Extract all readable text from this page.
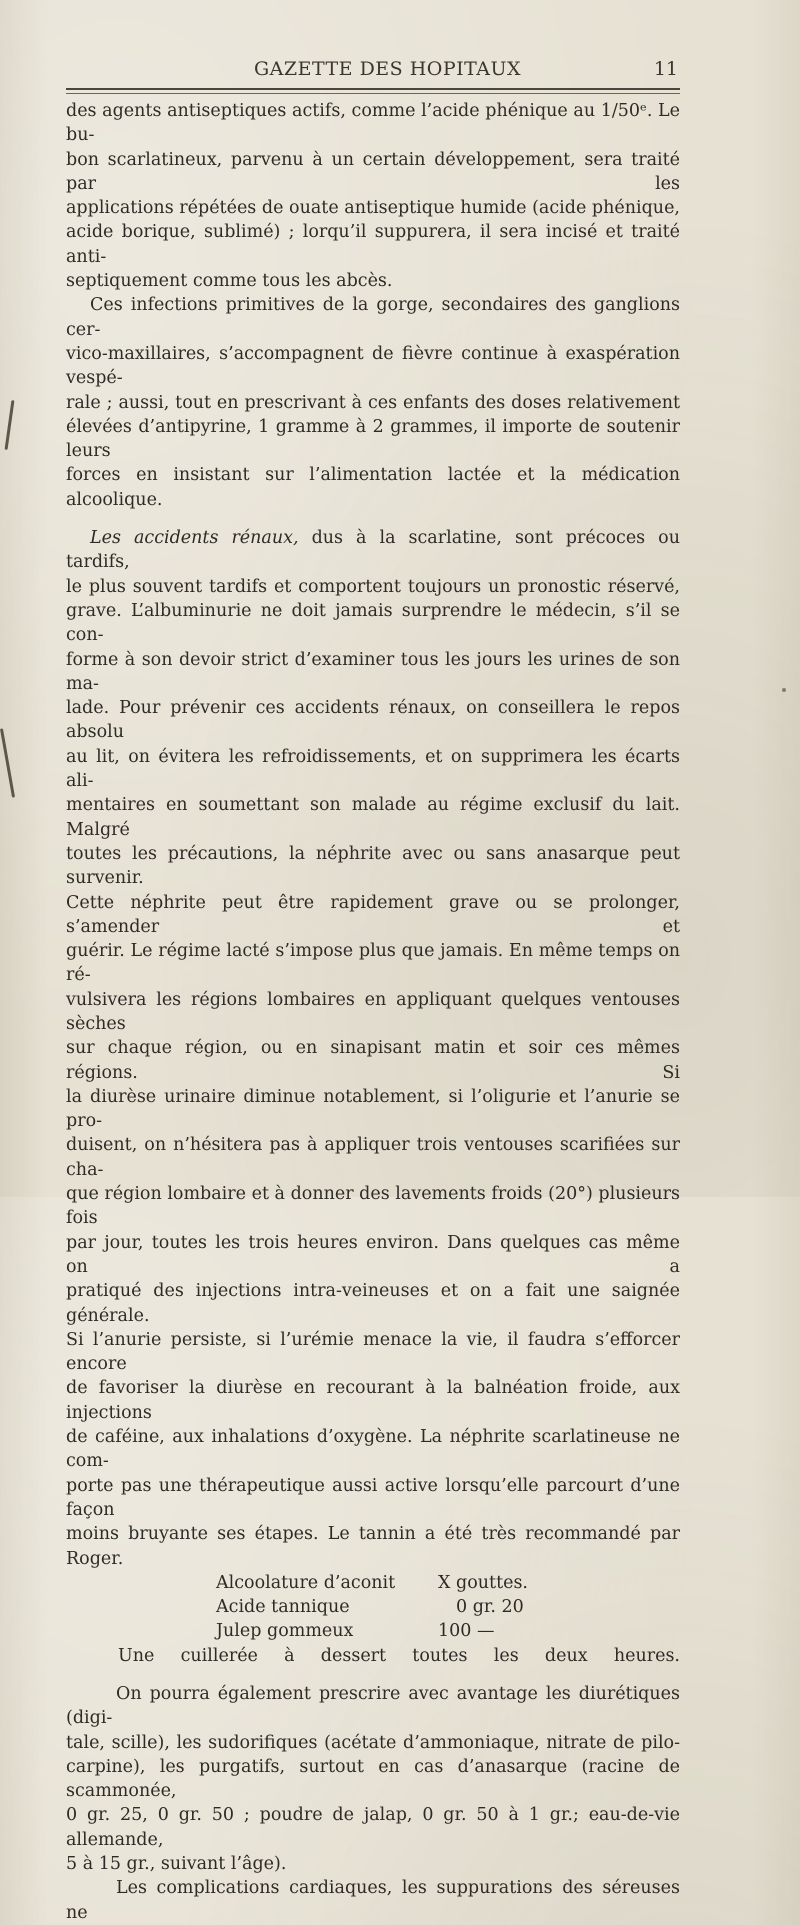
GAZETTE DES HOPITAUX	11

des agents antiseptiques actifs, comme l’acide phénique au 1/50ᵉ. Le bu-

bon scarlatineux, parvenu à un certain développement, sera traité par les

applications répétées de ouate antiseptique humide (acide phénique,

acide borique, sublimé) ; lorqu’il suppurera, il sera incisé et traité anti-

septiquement comme tous les abcès.

Ces infections primitives de la gorge, secondaires des ganglions cer-

vico-maxillaires, s’accompagnent de fièvre continue à exaspération vespé-

rale ; aussi, tout en prescrivant à ces enfants des doses relativement

élevées d’antipyrine, 1 gramme à 2 grammes, il importe de soutenir leurs

forces en insistant sur l’alimentation lactée et la médication alcoolique.

Les accidents rénaux, dus à la scarlatine, sont précoces ou tardifs,

le plus souvent tardifs et comportent toujours un pronostic réservé,

grave. L’albuminurie ne doit jamais surprendre le médecin, s’il se con-

forme à son devoir strict d’examiner tous les jours les urines de son ma-

lade. Pour prévenir ces accidents rénaux, on conseillera le repos absolu

au lit, on évitera les refroidissements, et on supprimera les écarts ali-

mentaires en soumettant son malade au régime exclusif du lait. Malgré

toutes les précautions, la néphrite avec ou sans anasarque peut survenir.

Cette néphrite peut être rapidement grave ou se prolonger, s’amender et

guérir. Le régime lacté s’impose plus que jamais. En même temps on ré-

vulsivera les régions lombaires en appliquant quelques ventouses sèches

sur chaque région, ou en sinapisant matin et soir ces mêmes régions. Si

la diurèse urinaire diminue notablement, si l’oligurie et l’anurie se pro-

duisent, on n’hésitera pas à appliquer trois ventouses scarifiées sur cha-

que région lombaire et à donner des lavements froids (20°) plusieurs fois

par jour, toutes les trois heures environ. Dans quelques cas même on a

pratiqué des injections intra-veineuses et on a fait une saignée générale.

Si l’anurie persiste, si l’urémie menace la vie, il faudra s’efforcer encore

de favoriser la diurèse en recourant à la balnéation froide, aux injections

de caféine, aux inhalations d’oxygène. La néphrite scarlatineuse ne com-

porte pas une thérapeutique aussi active lorsqu’elle parcourt d’une façon

moins bruyante ses étapes. Le tannin a été très recommandé par Roger.

Alcoolature d’aconit X gouttes.
Acide tannique	0 gr. 20
Julep gommeux	100 —

Une cuillerée à dessert toutes les deux heures.

On pourra également prescrire avec avantage les diurétiques (digi-

tale, scille), les sudorifiques (acétate d’ammoniaque, nitrate de pilo-

carpine), les purgatifs, surtout en cas d’anasarque (racine de scammonée,

0 gr. 25, 0 gr. 50 ; poudre de jalap, 0 gr. 50 à 1 gr.; eau-de-vie allemande,

5 à 15 gr., suivant l’âge).

Les complications cardiaques, les suppurations des séreuses ne
